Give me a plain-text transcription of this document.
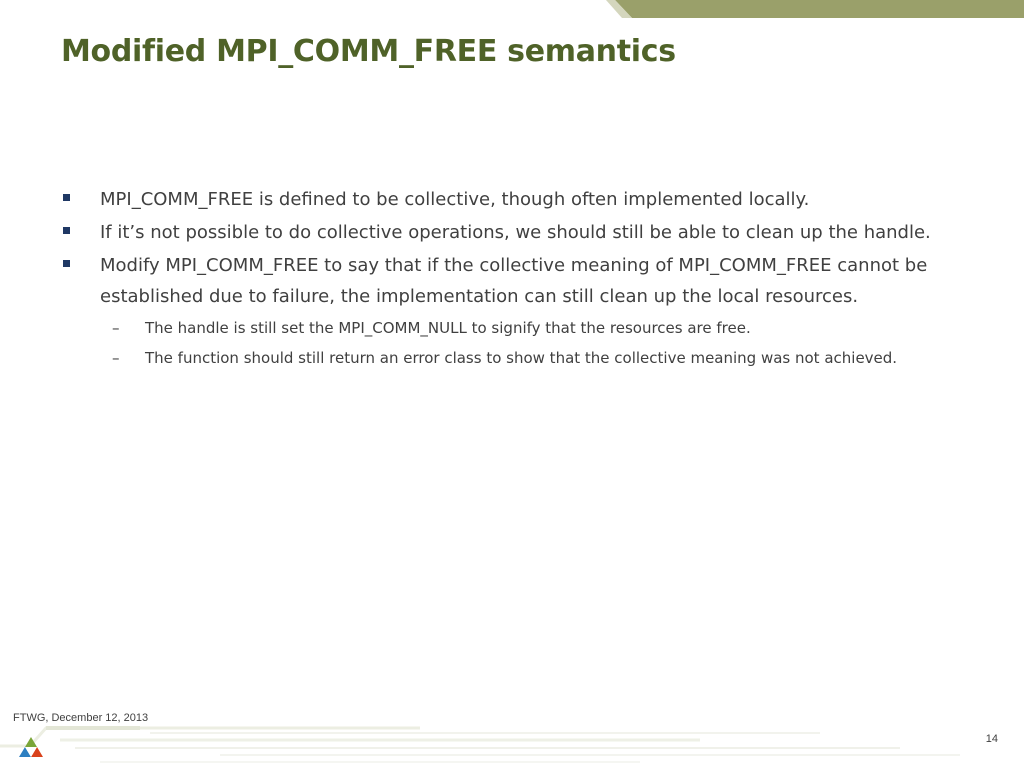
Modified MPI_COMM_FREE semantics
MPI_COMM_FREE is defined to be collective, though often implemented locally.
If it’s not possible to do collective operations, we should still be able to clean up the handle.
Modify MPI_COMM_FREE to say that if the collective meaning of MPI_COMM_FREE cannot be established due to failure, the implementation can still clean up the local resources.
– The handle is still set the MPI_COMM_NULL to signify that the resources are free.
– The function should still return an error class to show that the collective meaning was not achieved.
FTWG, December 12, 2013
14
